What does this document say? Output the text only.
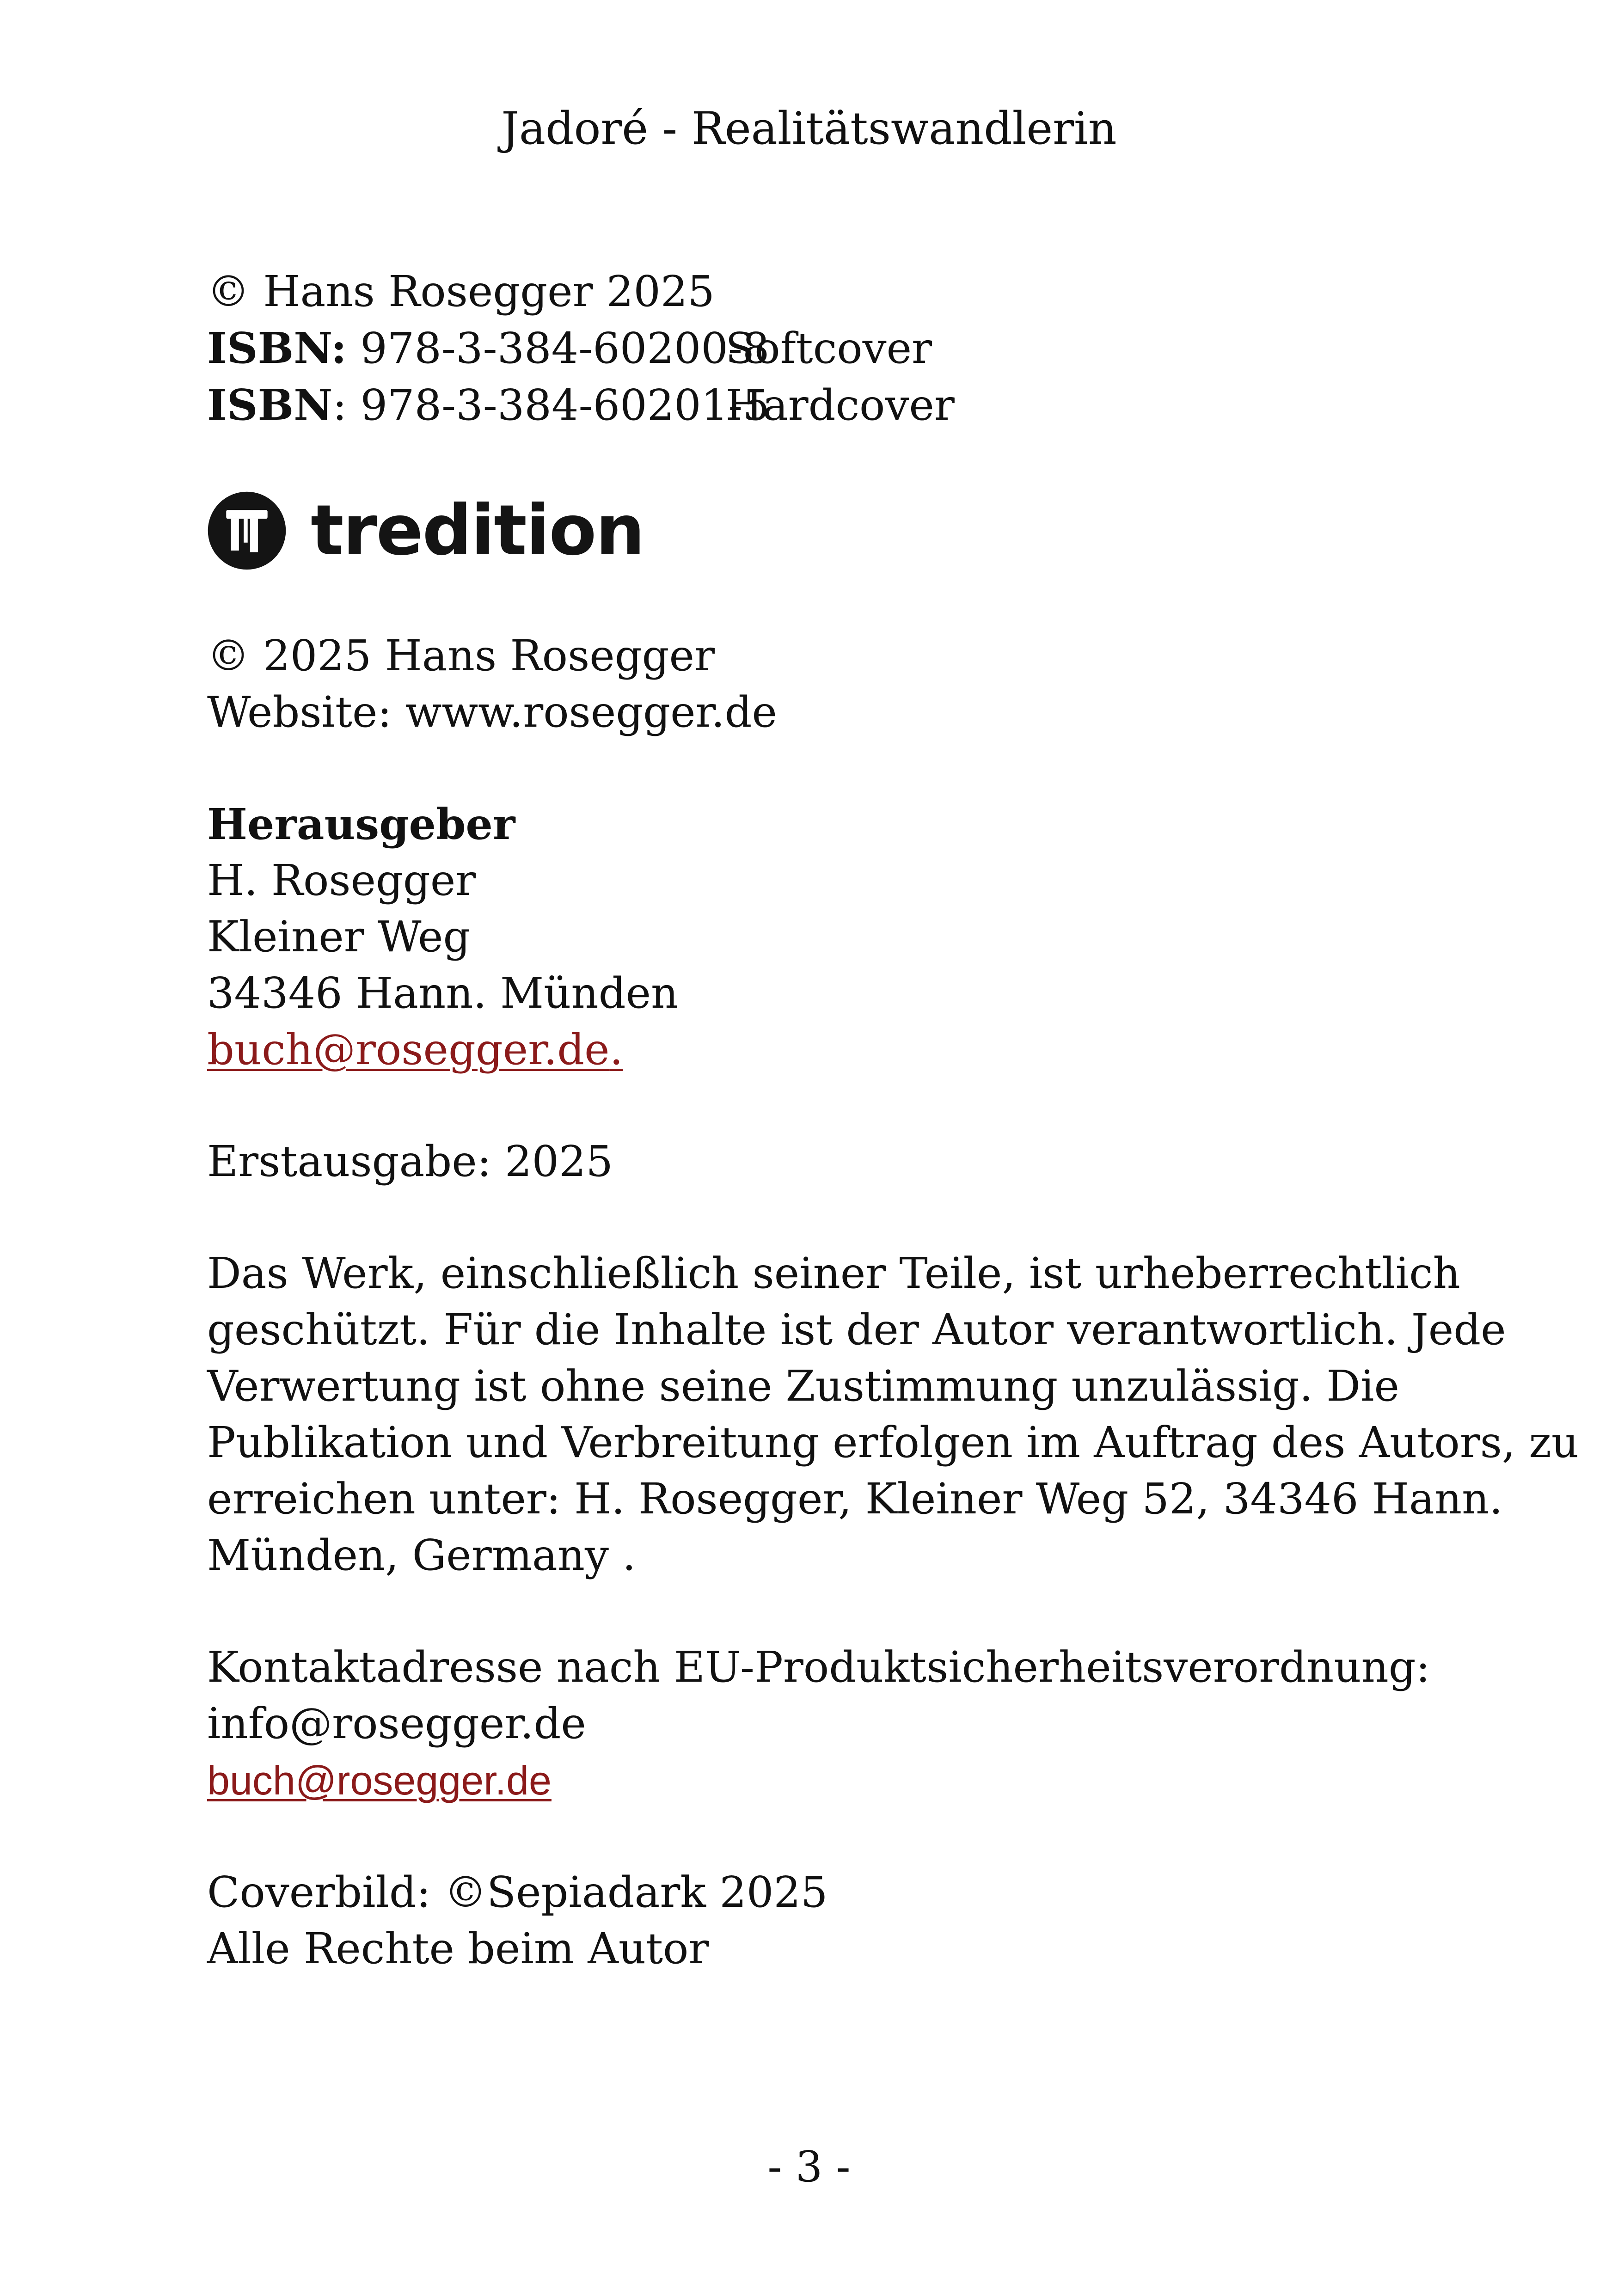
Jadoré - Realitätswandlerin
© Hans Rosegger 2025
ISBN: 978-3-384-60200-8Softcover
ISBN: 978-3-384-60201-5Hardcover
tredition
© 2025 Hans Rosegger
Website: www.rosegger.de
Herausgeber
H. Rosegger
Kleiner Weg
34346 Hann. Münden
buch@rosegger.de.
Erstausgabe: 2025
Das Werk, einschließlich seiner Teile, ist urheberrechtlich
geschützt. Für die Inhalte ist der Autor verantwortlich. Jede
Verwertung ist ohne seine Zustimmung unzulässig. Die
Publikation und Verbreitung erfolgen im Auftrag des Autors, zu
erreichen unter: H. Rosegger, Kleiner Weg 52, 34346 Hann.
Münden, Germany .
Kontaktadresse nach EU-Produktsicherheitsverordnung:
info@rosegger.de
buch@rosegger.de
Coverbild: ©Sepiadark 2025
Alle Rechte beim Autor
- 3 -
